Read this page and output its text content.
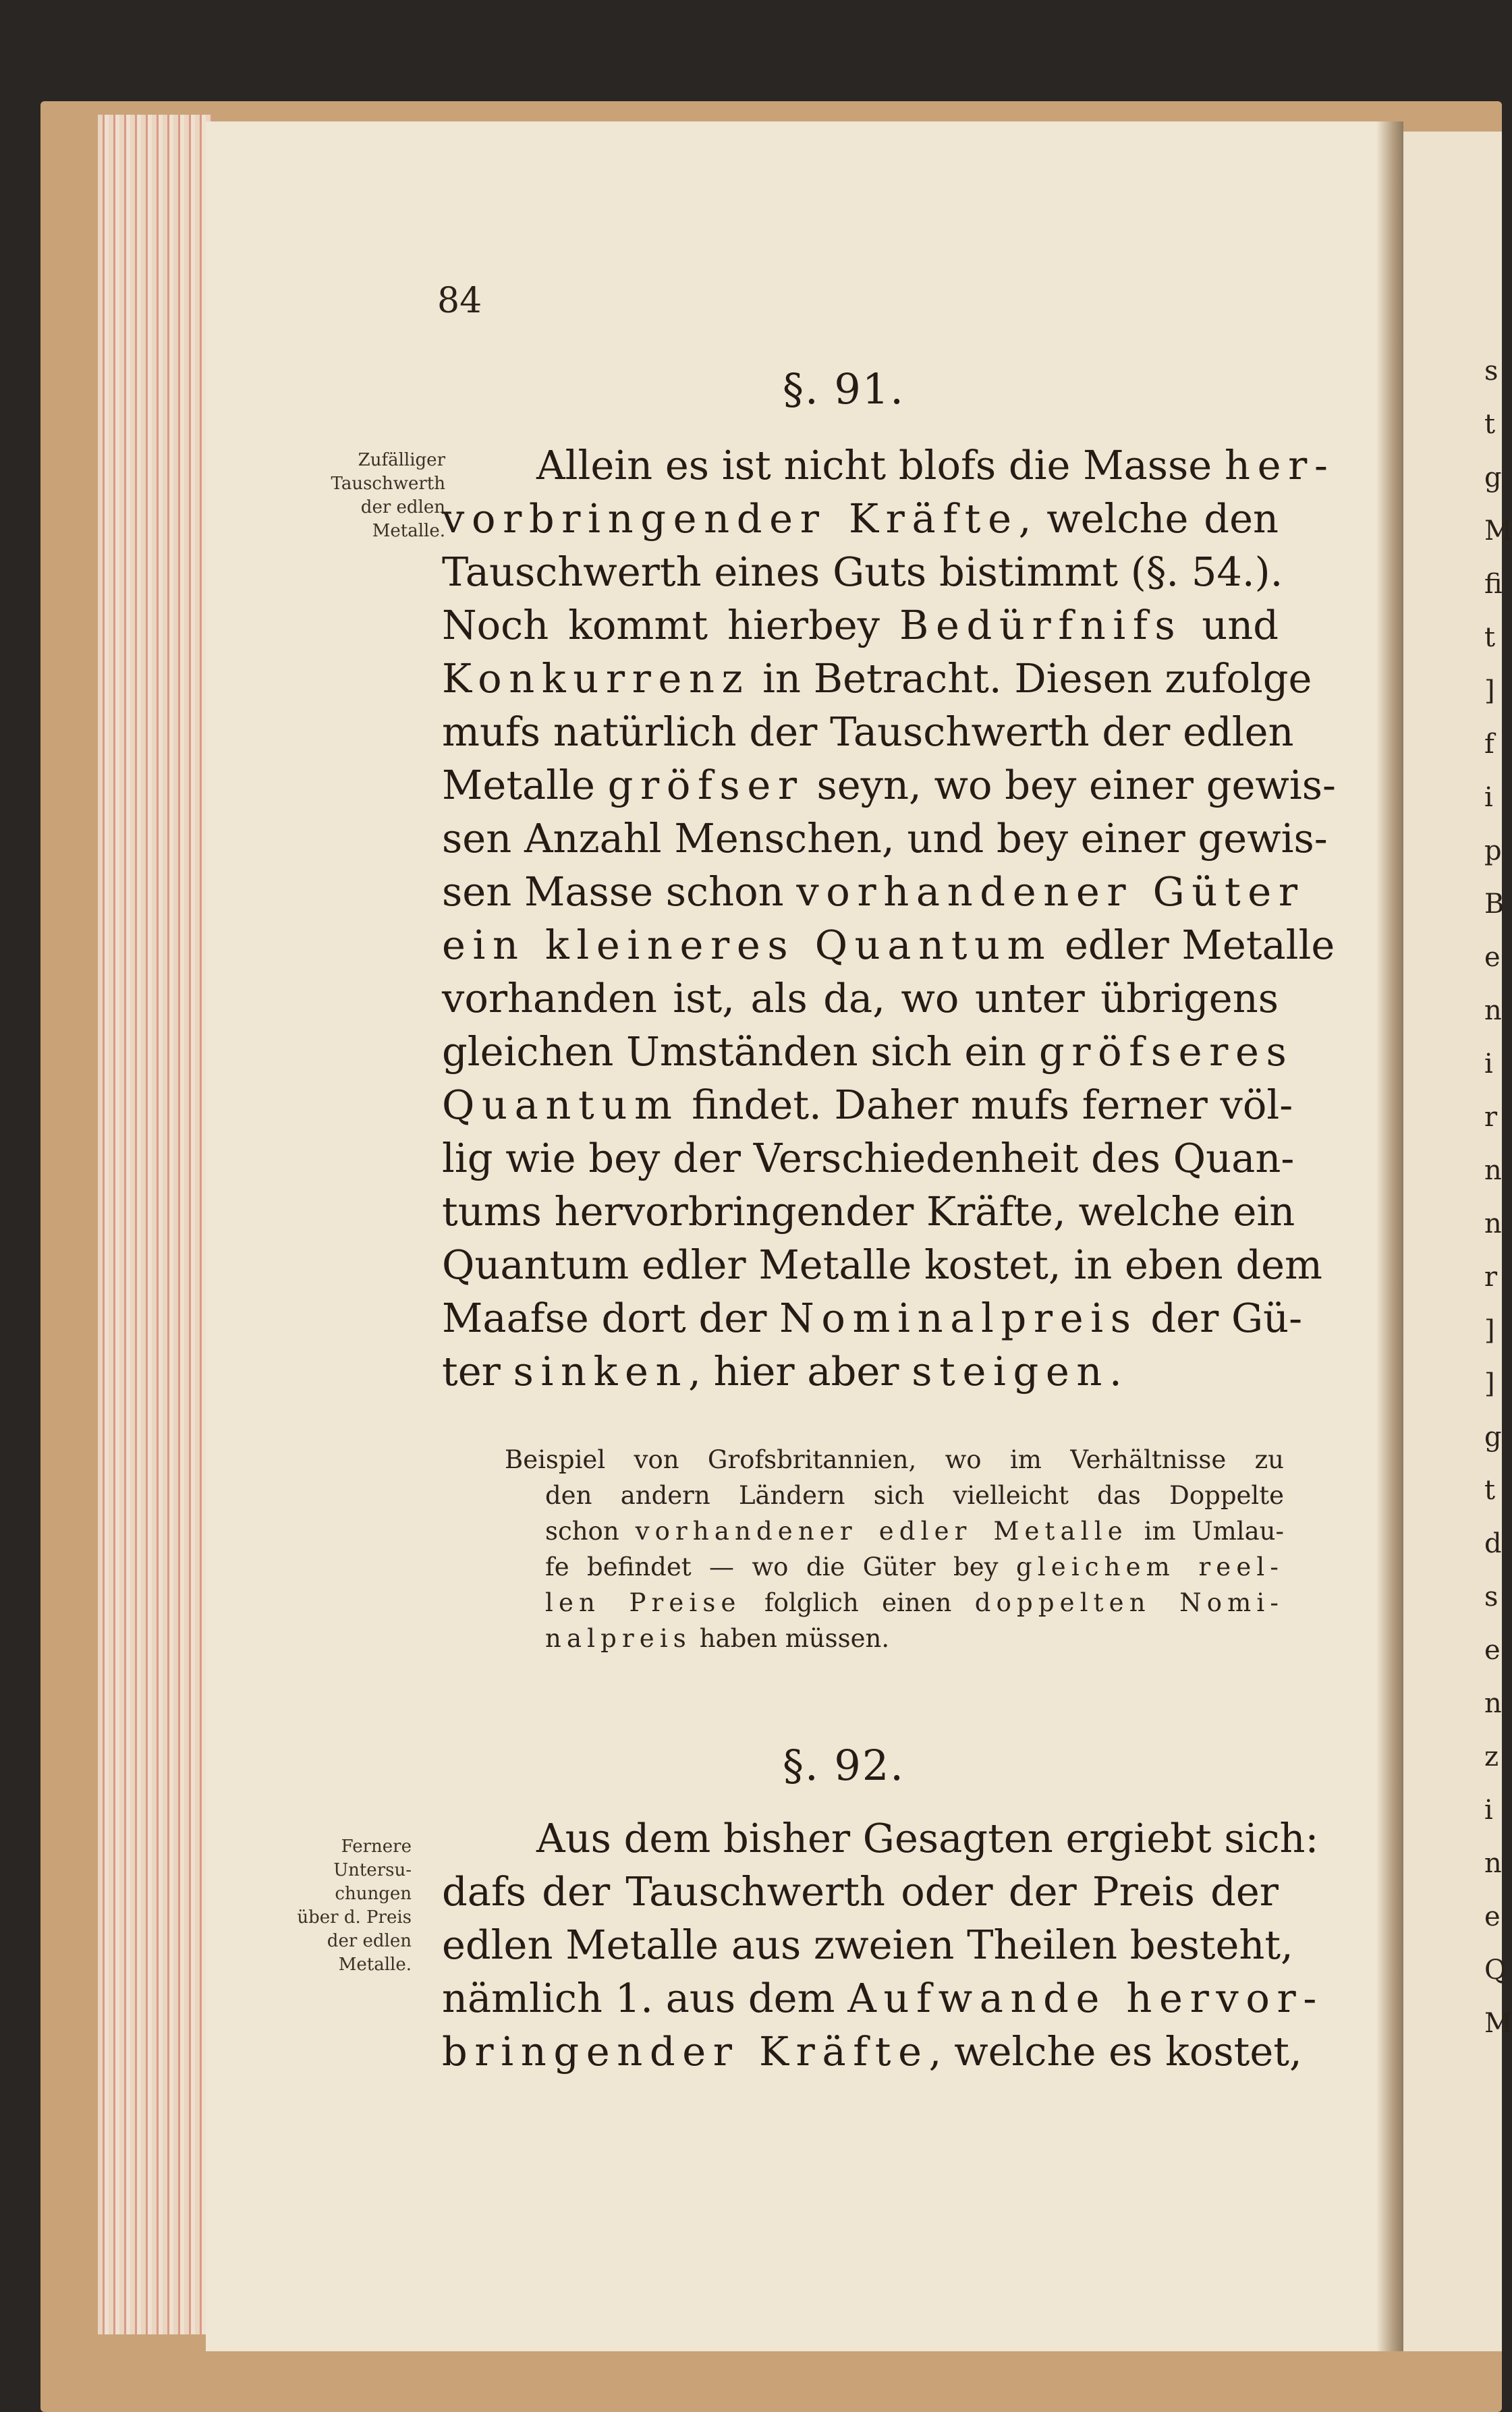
s
t
g
M
fi
t
]
f
i
p
B
e
n
i
r
n
n
r
]
]
g
t
d
s
e
n
z
i
n
e
Q
M
84
§. 91.
Zufälliger
Tauschwerth
der edlen
Metalle.
Allein es ist nicht blofs die Masse her-
vorbringender Kräfte, welche den
Tauschwerth eines Guts bistimmt (§. 54.).
Noch kommt hierbey Bedürfnifs und
Konkurrenz in Betracht. Diesen zufolge
mufs natürlich der Tauschwerth der edlen
Metalle gröfser seyn, wo bey einer gewis-
sen Anzahl Menschen, und bey einer gewis-
sen Masse schon vorhandener Güter
ein kleineres Quantum edler Metalle
vorhanden ist, als da, wo unter übrigens
gleichen Umständen sich ein gröfseres
Quantum findet. Daher mufs ferner völ-
lig wie bey der Verschiedenheit des Quan-
tums hervorbringender Kräfte, welche ein
Quantum edler Metalle kostet, in eben dem
Maafse dort der Nominalpreis der Gü-
ter sinken, hier aber steigen.
Beispiel von Grofsbritannien, wo im Verhältnisse zu
den andern Ländern sich vielleicht das Doppelte
schon vorhandener edler Metalle im Umlau-
fe befindet — wo die Güter bey gleichem reel-
len Preise folglich einen doppelten Nomi-
nalpreis haben müssen.
§. 92.
Fernere
Untersu-
chungen
über d. Preis
der edlen
Metalle.
Aus dem bisher Gesagten ergiebt sich:
dafs der Tauschwerth oder der Preis der
edlen Metalle aus zweien Theilen besteht,
nämlich 1. aus dem Aufwande hervor-
bringender Kräfte, welche es kostet,
